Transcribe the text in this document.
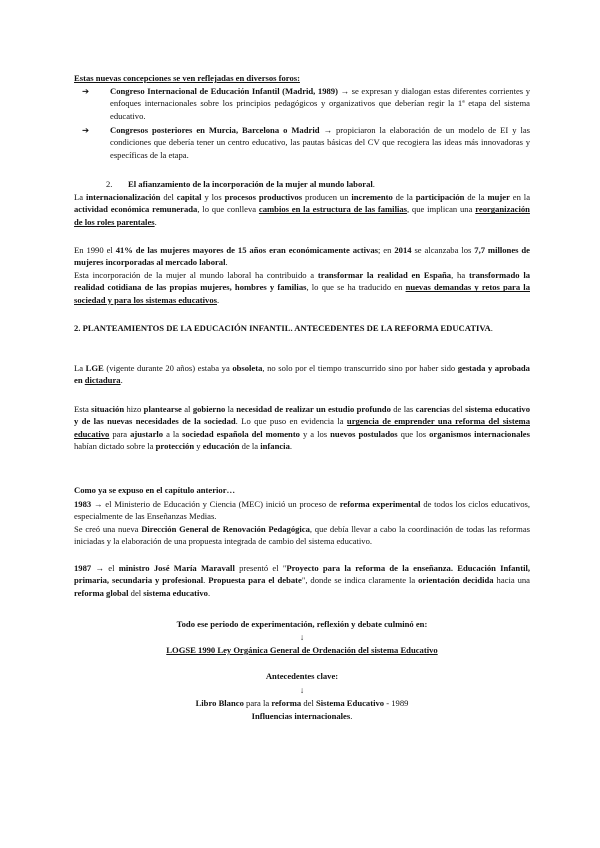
Estas nuevas concepciones se ven reflejadas en diversos foros:
➔	Congreso Internacional de Educación Infantil (Madrid, 1989) → se expresan y dialogan estas diferentes corrientes y enfoques internacionales sobre los principios pedagógicos y organizativos que deberían regir la 1ª etapa del sistema educativo.
➔	Congresos posteriores en Murcia, Barcelona o Madrid → propiciaron la elaboración de un modelo de EI y las condiciones que debería tener un centro educativo, las pautas básicas del CV que recogiera las ideas más innovadoras y específicas de la etapa.
2. El afianzamiento de la incorporación de la mujer al mundo laboral.

La internacionalización del capital y los procesos productivos producen un incremento de la participación de la mujer en la actividad económica remunerada, lo que conlleva cambios en la estructura de las familias, que implican una reorganización de los roles parentales.

En 1990 el 41% de las mujeres mayores de 15 años eran económicamente activas; en 2014 se alcanzaba los 7,7 millones de mujeres incorporadas al mercado laboral.

Esta incorporación de la mujer al mundo laboral ha contribuido a transformar la realidad en España, ha transformado la realidad cotidiana de las propias mujeres, hombres y familias, lo que se ha traducido en nuevas demandas y retos para la sociedad y para los sistemas educativos.

2. PLANTEAMIENTOS DE LA EDUCACIÓN INFANTIL. ANTECEDENTES DE LA REFORMA EDUCATIVA.

La LGE (vigente durante 20 años) estaba ya obsoleta, no solo por el tiempo transcurrido sino por haber sido gestada y aprobada en dictadura.

Esta situación hizo plantearse al gobierno la necesidad de realizar un estudio profundo de las carencias del sistema educativo y de las nuevas necesidades de la sociedad. Lo que puso en evidencia la urgencia de emprender una reforma del sistema educativo para ajustarlo a la sociedad española del momento y a los nuevos postulados que los organismos internacionales habían dictado sobre la protección y educación de la infancia.

Como ya se expuso en el capítulo anterior…

1983 → el Ministerio de Educación y Ciencia (MEC) inició un proceso de reforma experimental de todos los ciclos educativos, especialmente de las Enseñanzas Medias.

Se creó una nueva Dirección General de Renovación Pedagógica, que debía llevar a cabo la coordinación de todas las reformas iniciadas y la elaboración de una propuesta integrada de cambio del sistema educativo.

1987 → el ministro José María Maravall presentó el "Proyecto para la reforma de la enseñanza. Educación Infantil, primaria, secundaria y profesional. Propuesta para el debate", donde se indica claramente la orientación decidida hacia una reforma global del sistema educativo.

Todo ese periodo de experimentación, reflexión y debate culminó en:
↓
LOGSE 1990 Ley Orgánica General de Ordenación del sistema Educativo
Antecedentes clave:
↓
Libro Blanco para la reforma del Sistema Educativo - 1989
Influencias internacionales.
